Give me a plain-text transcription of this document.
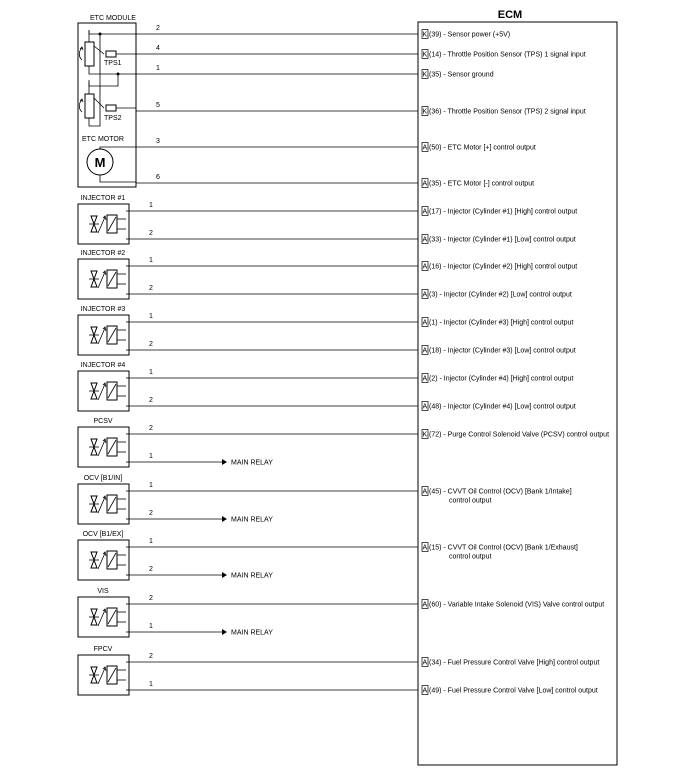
ECM
ETC MODULE
TPS1
TPS2
ETC MOTOR
M
2
K (39) - Sensor power (+5V)
4
K (14) - Throttle Position Sensor (TPS) 1 signal input
1
K (35) - Sensor ground
5
K (36) - Throttle Position Sensor (TPS) 2 signal input
3
A (50) - ETC Motor [+] control output
6
A (35) - ETC Motor [-] control output
INJECTOR #1
1
A (17) - Injector (Cylinder #1) [High] control output
2
A (33) - Injector (Cylinder #1) [Low] control output
INJECTOR #2
1
A (16) - Injector (Cylinder #2) [High] control output
2
A (3) - Injector (Cylinder #2) [Low] control output
INJECTOR #3
1
A (1) - Injector (Cylinder #3) [High] control output
2
A (18) - Injector (Cylinder #3) [Low] control output
INJECTOR #4
1
A (2) - Injector (Cylinder #4) [High] control output
2
A (48) - Injector (Cylinder #4) [Low] control output
PCSV
2
K (72) - Purge Control Solenoid Valve (PCSV) control output
1
MAIN RELAY
OCV [B1/IN]
1
A (45) - CVVT Oil Control (OCV) [Bank 1/Intake]
control output
2
MAIN RELAY
OCV [B1/EX]
1
A (15) - CVVT Oil Control (OCV) [Bank 1/Exhaust]
control output
2
MAIN RELAY
VIS
2
A (60) - Variable Intake Solenoid (VIS) Valve control output
1
MAIN RELAY
FPCV
2
A (34) - Fuel Pressure Control Valve [High] control output
1
A (49) - Fuel Pressure Control Valve [Low] control output
